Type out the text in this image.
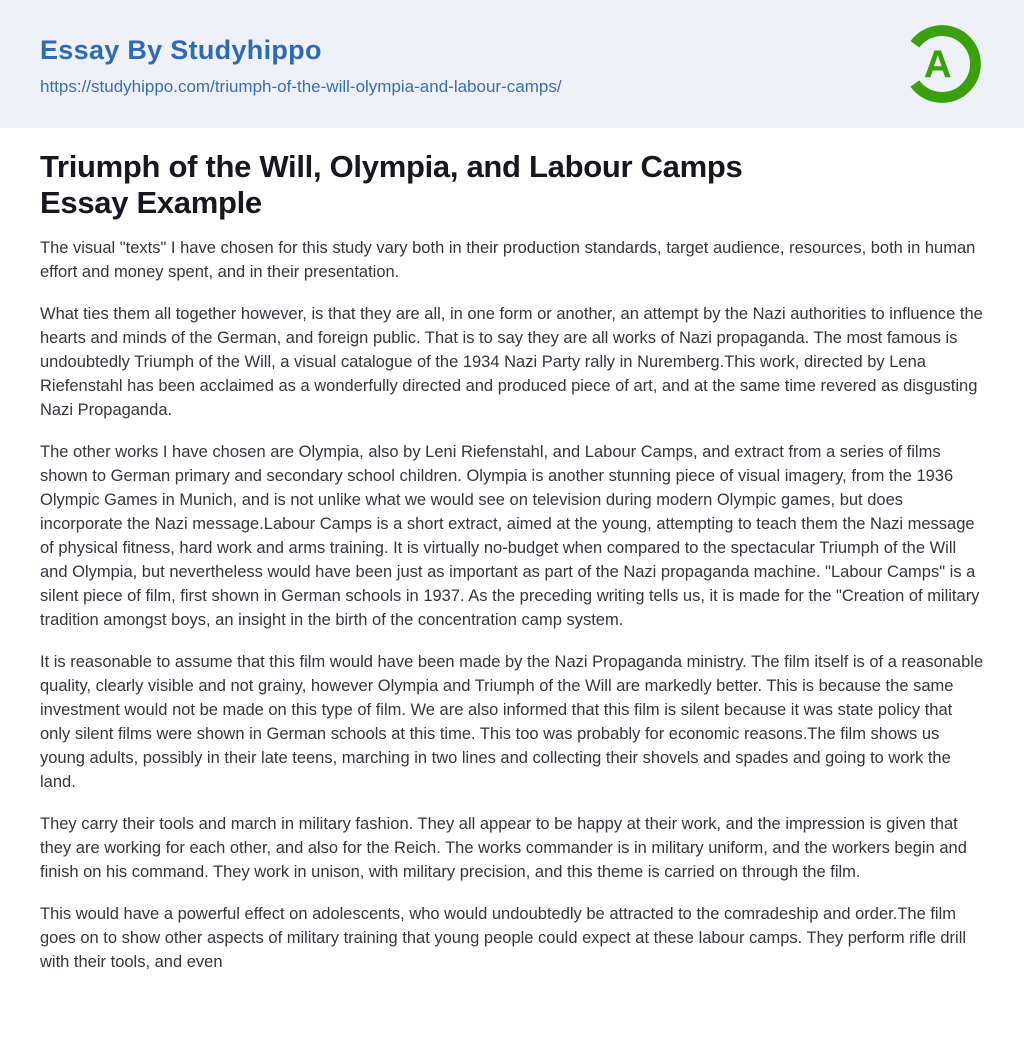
Essay By Studyhippo
https://studyhippo.com/triumph-of-the-will-olympia-and-labour-camps/
A
Triumph of the Will, Olympia, and Labour Camps
Essay Example

The visual "texts" I have chosen for this study vary both in their production standards, target audience, resources, both in human effort and money spent, and in their presentation.

What ties them all together however, is that they are all, in one form or another, an attempt by the Nazi authorities to influence the hearts and minds of the German, and foreign public. That is to say they are all works of Nazi propaganda. The most famous is undoubtedly Triumph of the Will, a visual catalogue of the 1934 Nazi Party rally in Nuremberg.This work, directed by Lena Riefenstahl has been acclaimed as a wonderfully directed and produced piece of art, and at the same time revered as disgusting Nazi Propaganda.

The other works I have chosen are Olympia, also by Leni Riefenstahl, and Labour Camps, and extract from a series of films shown to German primary and secondary school children. Olympia is another stunning piece of visual imagery, from the 1936 Olympic Games in Munich, and is not unlike what we would see on television during modern Olympic games, but does incorporate the Nazi message.Labour Camps is a short extract, aimed at the young, attempting to teach them the Nazi message of physical fitness, hard work and arms training. It is virtually no-budget when compared to the spectacular Triumph of the Will and Olympia, but nevertheless would have been just as important as part of the Nazi propaganda machine. "Labour Camps" is a silent piece of film, first shown in German schools in 1937. As the preceding writing tells us, it is made for the "Creation of military tradition amongst boys, an insight in the birth of the concentration camp system.

It is reasonable to assume that this film would have been made by the Nazi Propaganda ministry. The film itself is of a reasonable quality, clearly visible and not grainy, however Olympia and Triumph of the Will are markedly better. This is because the same investment would not be made on this type of film. We are also informed that this film is silent because it was state policy that only silent films were shown in German schools at this time. This too was probably for economic reasons.The film shows us young adults, possibly in their late teens, marching in two lines and collecting their shovels and spades and going to work the land.

They carry their tools and march in military fashion. They all appear to be happy at their work, and the impression is given that they are working for each other, and also for the Reich. The works commander is in military uniform, and the workers begin and finish on his command. They work in unison, with military precision, and this theme is carried on through the film.

This would have a powerful effect on adolescents, who would undoubtedly be attracted to the comradeship and order.The film goes on to show other aspects of military training that young people could expect at these labour camps. They perform rifle drill with their tools, and even
